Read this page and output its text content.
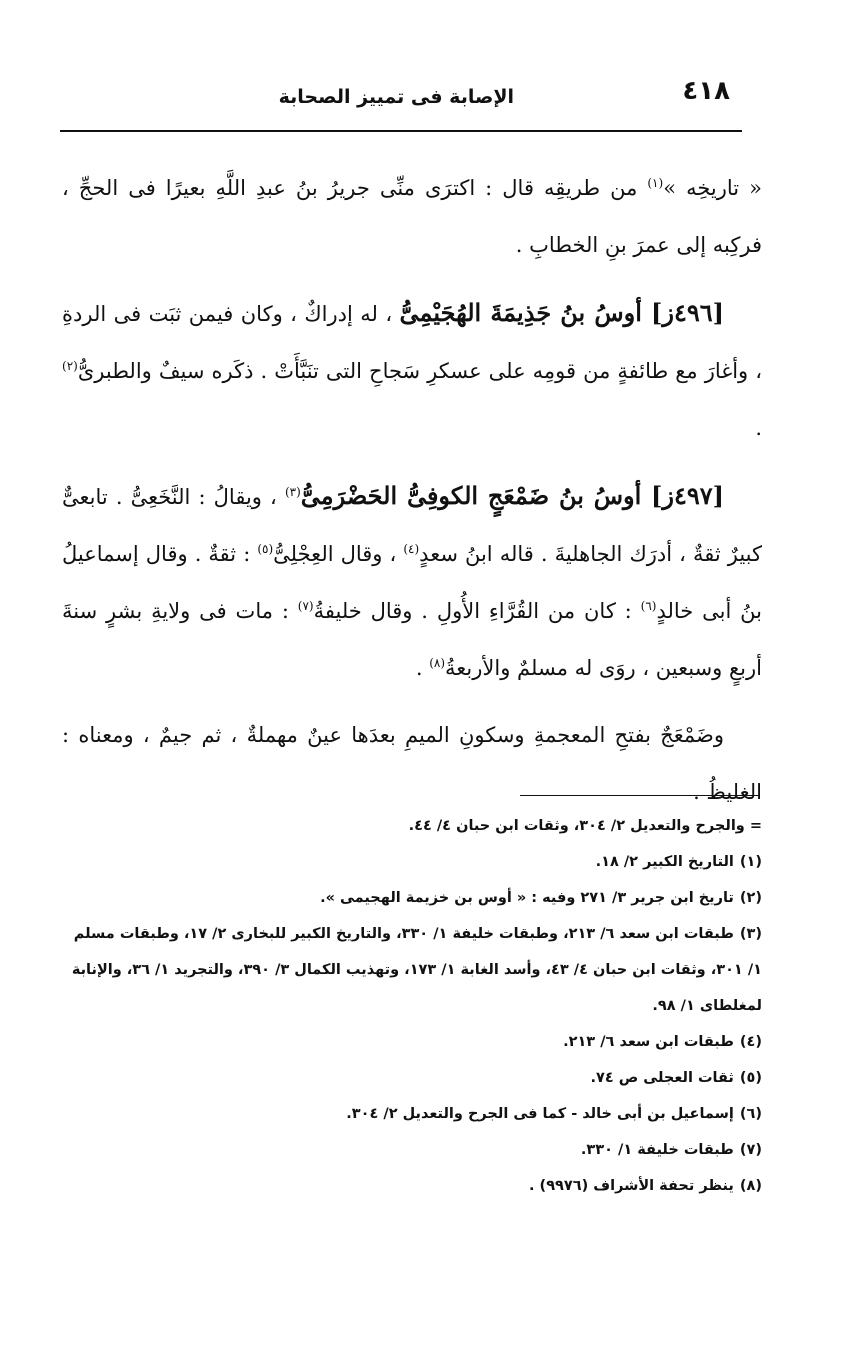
٤١٨
الإصابة فى تمييز الصحابة

« تاريخِه »$^{(١)}$ من طريقِه قال : اكترَى منِّى جريرُ بنُ عبدِ اللَّهِ بعيرًا فى الحجِّ ، فركِبه إلى عمرَ بنِ الخطابِ .

[٤٩٦ز] أوسُ بنُ جَذِيمَةَ الهُجَيْمِىُّ ، له إدراكٌ ، وكان فيمن ثبَت فى الردةِ ، وأغارَ مع طائفةٍ من قومِه على عسكرِ سَجاحِ التى تنَبَّأَتْ . ذكَره سيفٌ والطبرىُّ$^{(٢)}$ .

[٤٩٧ز] أوسُ بنُ ضَمْعَجٍ الكوفِىُّ الحَضْرَمِىُّ$^{(٣)}$ ، ويقالُ : النَّخَعِىُّ . تابعىٌّ كبيرٌ ثقةٌ ، أدرَك الجاهليةَ . قاله ابنُ سعدٍ$^{(٤)}$ ، وقال العِجْلِىُّ$^{(٥)}$ : ثقةٌ . وقال إسماعيلُ بنُ أبى خالدٍ$^{(٦)}$ : كان من القُرَّاءِ الأُولِ . وقال خليفةُ$^{(٧)}$ : مات فى ولايةِ بشرٍ سنةَ أربعٍ وسبعين ، روَى له مسلمٌ والأربعةُ$^{(٨)}$ .

وضَمْعَجٌ بفتحِ المعجمةِ وسكونِ الميمِ بعدَها عينٌ مهملةٌ ، ثم جيمٌ ، ومعناه : الغليظُ .

= والجرح والتعديل ٢/ ٣٠٤، وثقات ابن حبان ٤/ ٤٤.

(١)التاريخ الكبير ٢/ ١٨.

(٢)تاريخ ابن جرير ٣/ ٢٧١ وفيه : « أوس بن خزيمة الهجيمى ».

(٣)طبقات ابن سعد ٦/ ٢١٣، وطبقات خليفة ١/ ٣٣٠، والتاريخ الكبير للبخارى ٢/ ١٧، وطبقات مسلم ١/ ٣٠١، وثقات ابن حبان ٤/ ٤٣، وأسد الغابة ١/ ١٧٣، وتهذيب الكمال ٣/ ٣٩٠، والتجريد ١/ ٣٦، والإنابة لمغلطاى ١/ ٩٨.

(٤)طبقات ابن سعد ٦/ ٢١٣.

(٥)ثقات العجلى ص ٧٤.

(٦)إسماعيل بن أبى خالد - كما فى الجرح والتعديل ٢/ ٣٠٤.

(٧)طبقات خليفة ١/ ٣٣٠.

(٨)ينظر تحفة الأشراف (٩٩٧٦) .
